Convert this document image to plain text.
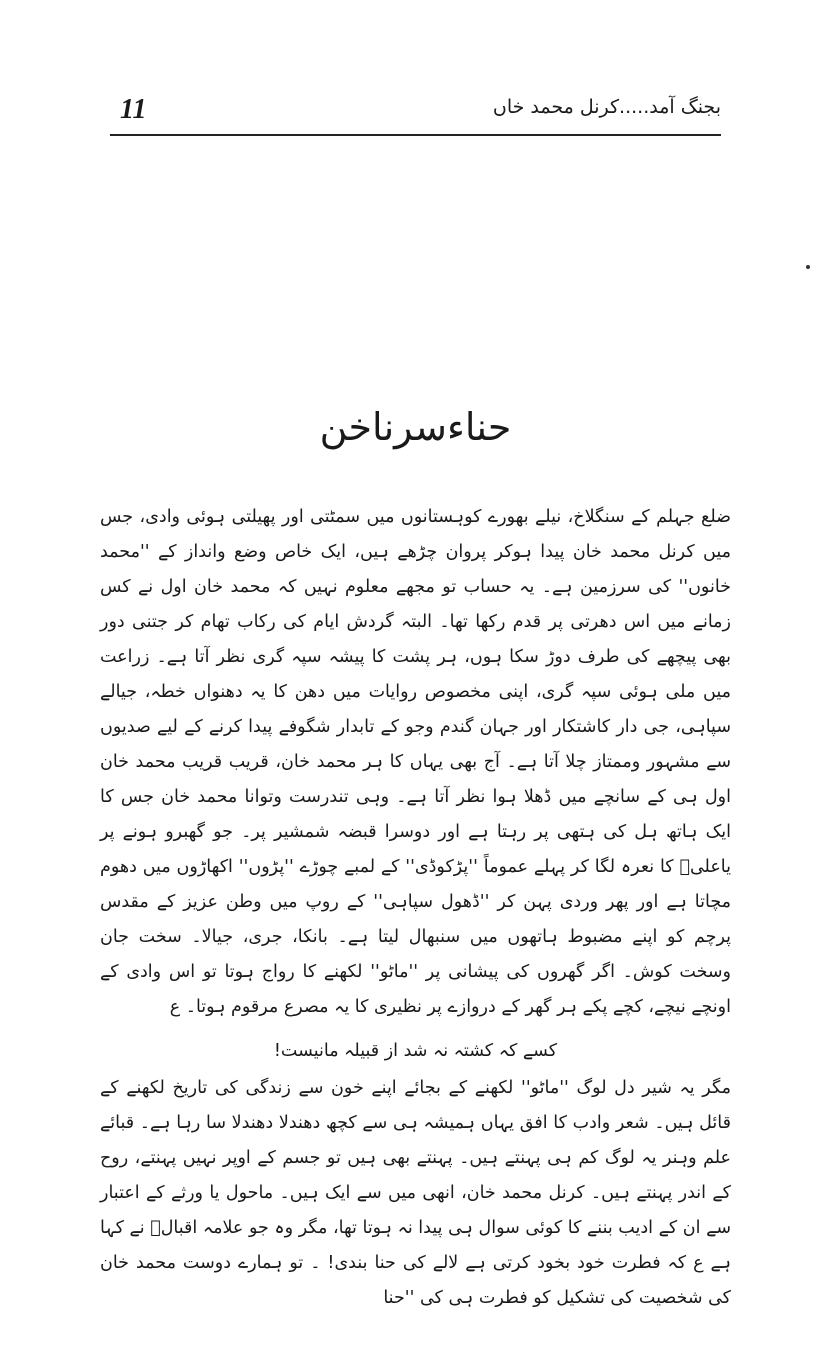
11	بجنگ آمد.....کرنل محمد خاں
حناءسرناخن

ضلع جہلم کے سنگلاخ، نیلے بھورے کوہستانوں میں سمٹتی اور پھیلتی ہوئی وادی، جس میں کرنل محمد خان پیدا ہوکر پروان چڑھے ہیں، ایک خاص وضع وانداز کے ''محمد خانوں'' کی سرزمین ہے۔ یہ حساب تو مجھے معلوم نہیں کہ محمد خان اول نے کس زمانے میں اس دھرتی پر قدم رکھا تھا۔ البتہ گردش ایام کی رکاب تھام کر جتنی دور بھی پیچھے کی طرف دوڑ سکا ہوں، ہر پشت کا پیشہ سپہ گری نظر آتا ہے۔ زراعت میں ملی ہوئی سپہ گری، اپنی مخصوص روایات میں دھن کا یہ دھنواں خطہ، جیالے سپاہی، جی دار کاشتکار اور جہان گندم وجو کے تابدار شگوفے پیدا کرنے کے لیے صدیوں سے مشہور وممتاز چلا آتا ہے۔ آج بھی یہاں کا ہر محمد خان، قریب قریب محمد خان اول ہی کے سانچے میں ڈھلا ہوا نظر آتا ہے۔ وہی تندرست وتوانا محمد خان جس کا ایک ہاتھ ہل کی ہتھی پر رہتا ہے اور دوسرا قبضہ شمشیر پر۔ جو گھبرو ہونے پر یاعلیؑ کا نعرہ لگا کر پہلے عموماً ''پڑکوڈی'' کے لمبے چوڑے ''پڑوں'' اکھاڑوں میں دھوم مچاتا ہے اور پھر وردی پہن کر ''ڈھول سپاہی'' کے روپ میں وطن عزیز کے مقدس پرچم کو اپنے مضبوط ہاتھوں میں سنبھال لیتا ہے۔ بانکا، جری، جیالا۔ سخت جان وسخت کوش۔ اگر گھروں کی پیشانی پر ''ماٹو'' لکھنے کا رواج ہوتا تو اس وادی کے اونچے نیچے، کچے پکے ہر گھر کے دروازے پر نظیری کا یہ مصرع مرقوم ہوتا۔ ع

کسے کہ کشتہ نہ شد از قبیلہ مانیست!

مگر یہ شیر دل لوگ ''ماٹو'' لکھنے کے بجائے اپنے خون سے زندگی کی تاریخ لکھنے کے قائل ہیں۔ شعر وادب کا افق یہاں ہمیشہ ہی سے کچھ دھندلا دھندلا سا رہا ہے۔ قبائے علم وہنر یہ لوگ کم ہی پہنتے ہیں۔ پہنتے بھی ہیں تو جسم کے اوپر نہیں پہنتے، روح کے اندر پہنتے ہیں۔ کرنل محمد خان، انھی میں سے ایک ہیں۔ ماحول یا ورثے کے اعتبار سے ان کے ادیب بننے کا کوئی سوال ہی پیدا نہ ہوتا تھا، مگر وہ جو علامہ اقبالؒ نے کہا ہے ع کہ فطرت خود بخود کرتی ہے لالے کی حنا بندی! ۔ تو ہمارے دوست محمد خان کی شخصیت کی تشکیل کو فطرت ہی کی ''حنا
